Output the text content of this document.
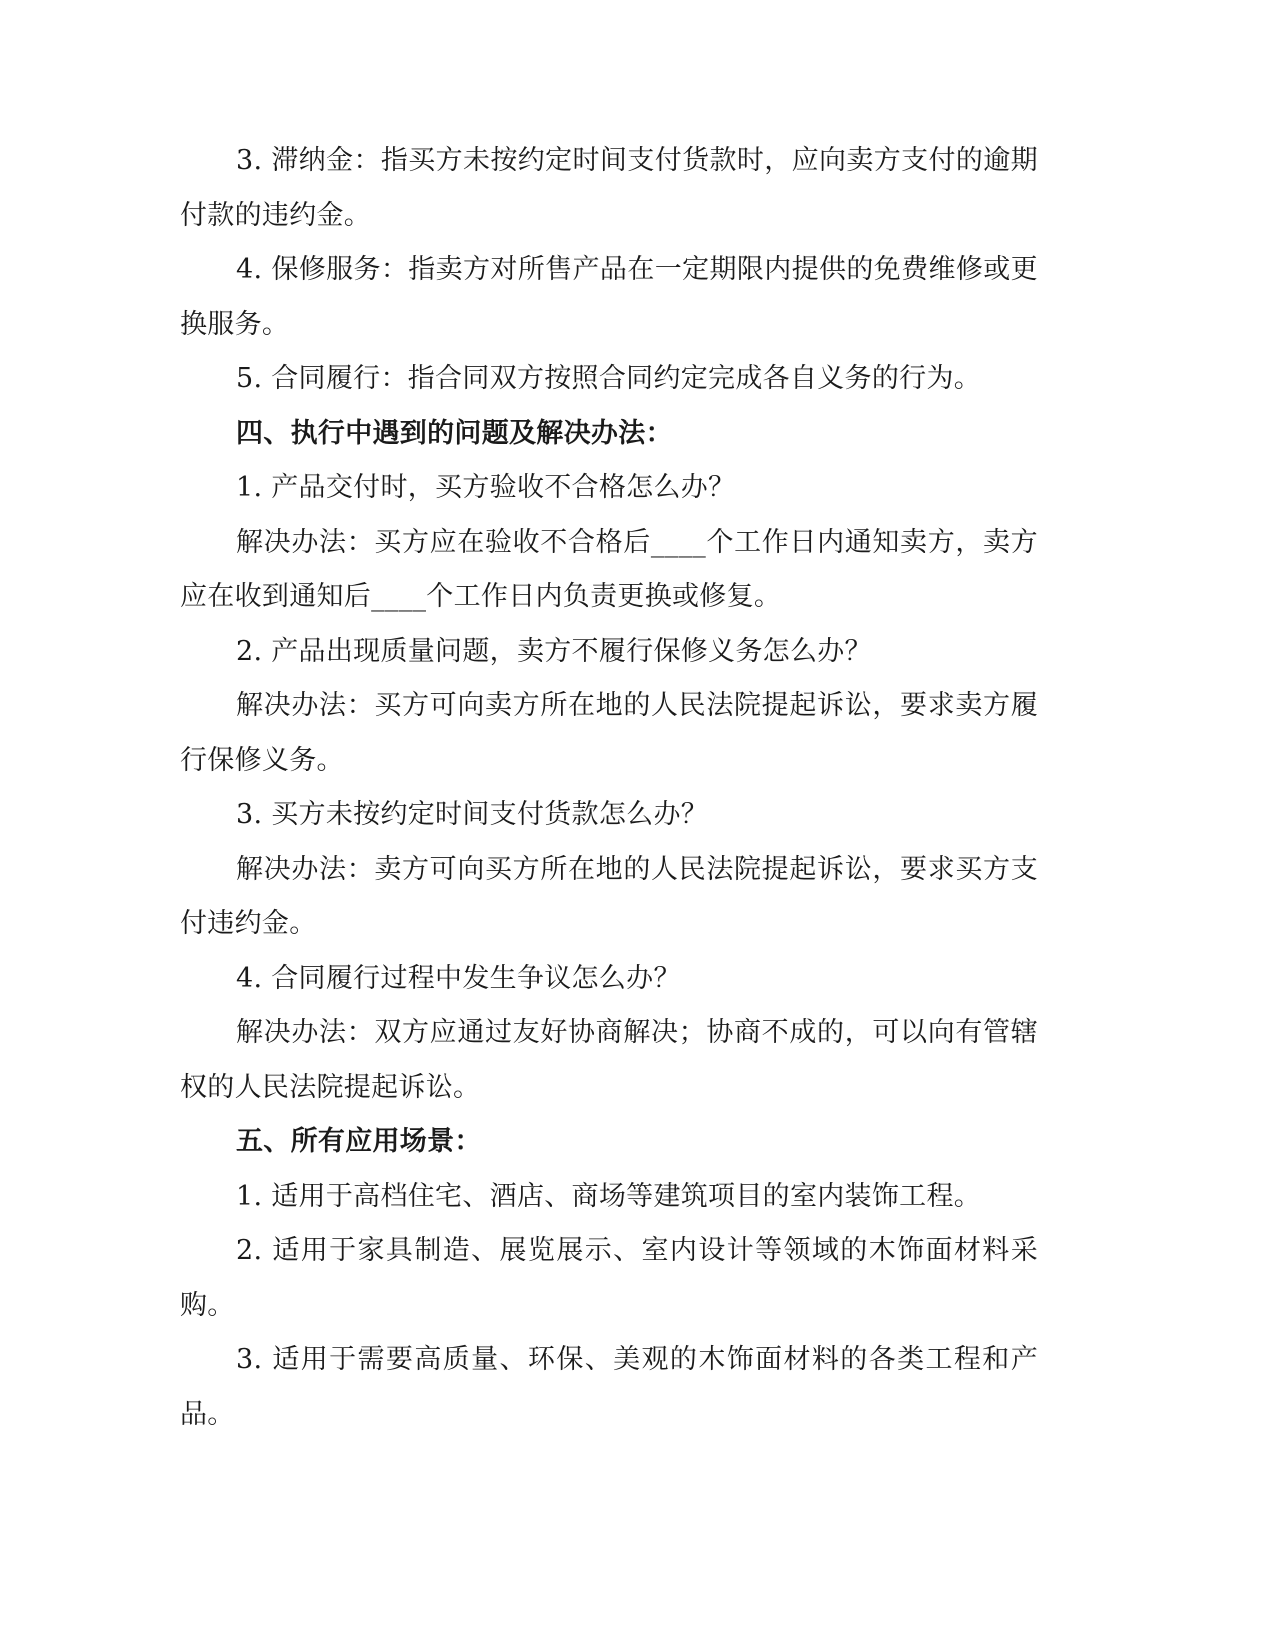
3. 滞纳金：指买方未按约定时间支付货款时，应向卖方支付的逾期付款的违约金。

4. 保修服务：指卖方对所售产品在一定期限内提供的免费维修或更换服务。

5. 合同履行：指合同双方按照合同约定完成各自义务的行为。

四、执行中遇到的问题及解决办法：

1. 产品交付时，买方验收不合格怎么办？

解决办法：买方应在验收不合格后____个工作日内通知卖方，卖方应在收到通知后____个工作日内负责更换或修复。

2. 产品出现质量问题，卖方不履行保修义务怎么办？

解决办法：买方可向卖方所在地的人民法院提起诉讼，要求卖方履行保修义务。

3. 买方未按约定时间支付货款怎么办？

解决办法：卖方可向买方所在地的人民法院提起诉讼，要求买方支付违约金。

4. 合同履行过程中发生争议怎么办？

解决办法：双方应通过友好协商解决；协商不成的，可以向有管辖权的人民法院提起诉讼。

五、所有应用场景：

1. 适用于高档住宅、酒店、商场等建筑项目的室内装饰工程。

2. 适用于家具制造、展览展示、室内设计等领域的木饰面材料采购。

3. 适用于需要高质量、环保、美观的木饰面材料的各类工程和产品。
